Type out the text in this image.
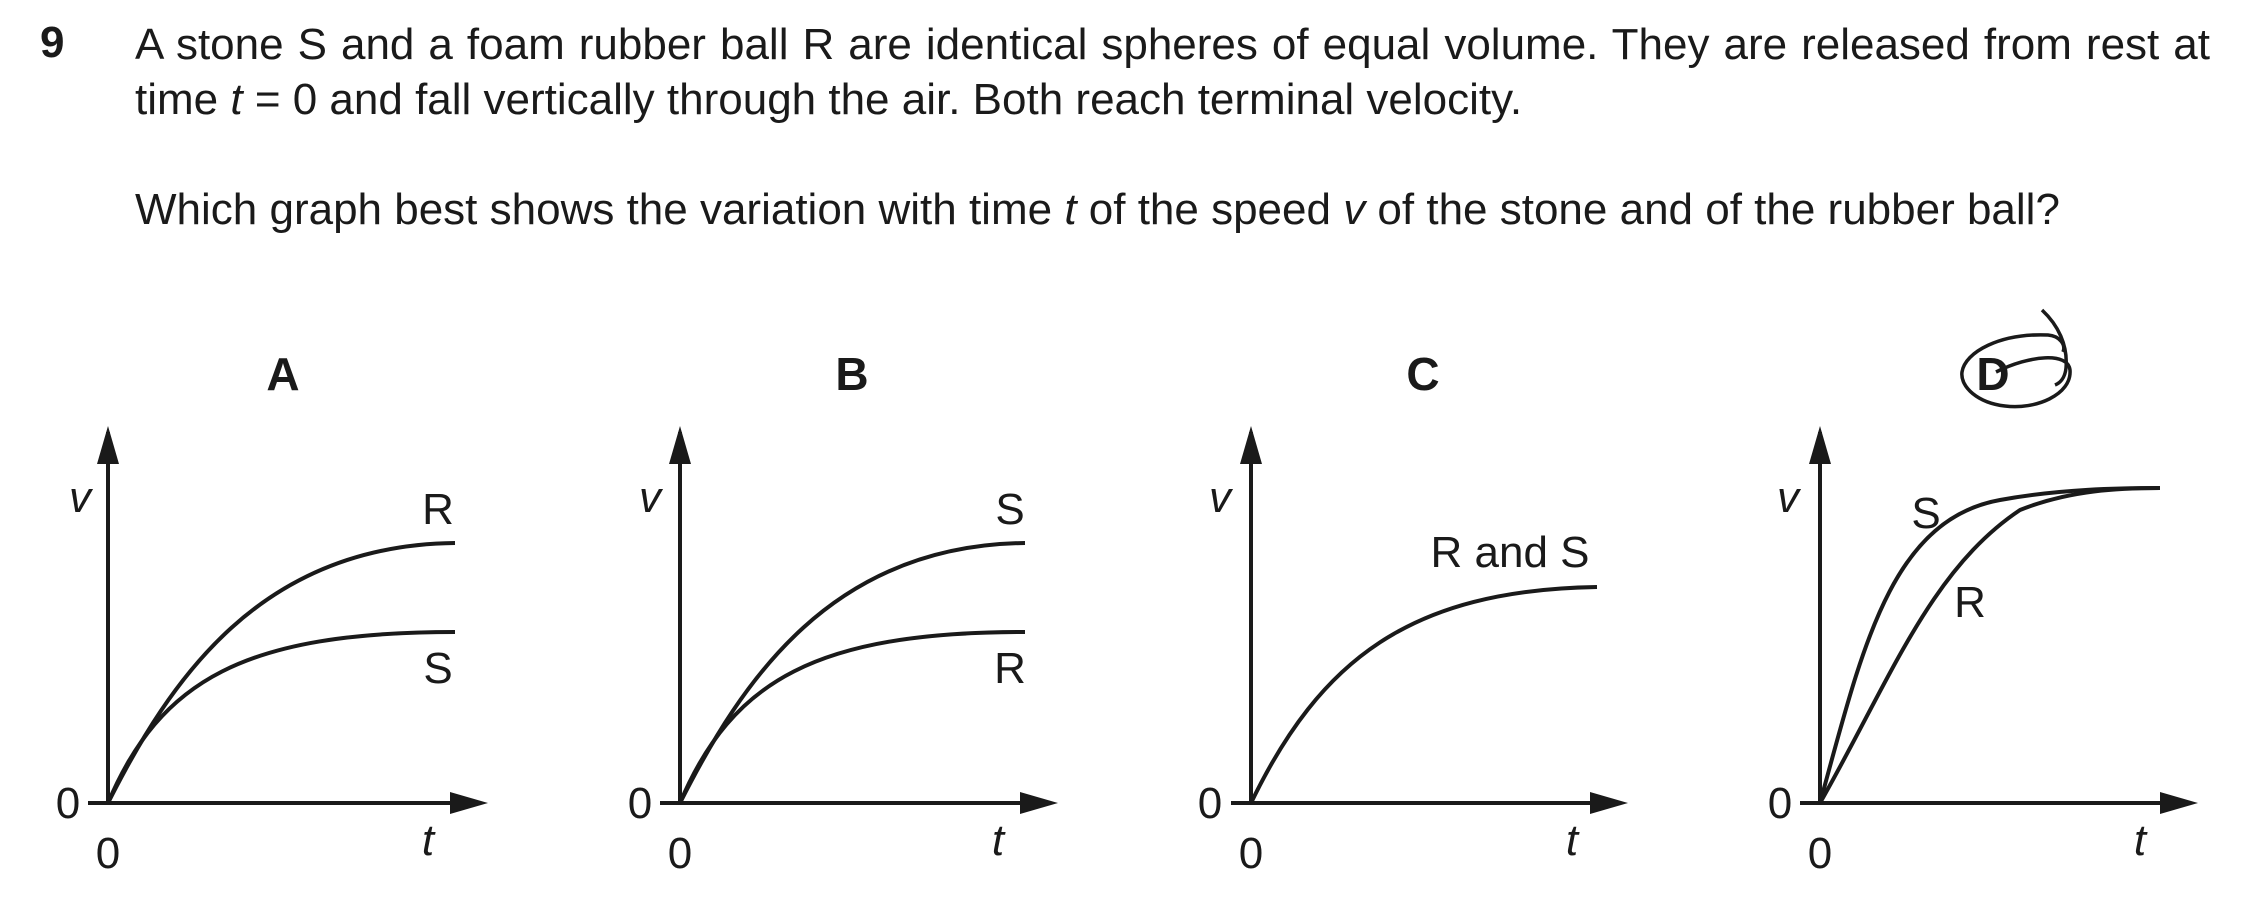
9 A stone S and a foam rubber ball R are identical spheres of equal volume. They are released from rest at time t = 0 and fall vertically through the air. Both reach terminal velocity.
Which graph best shows the variation with time t of the speed v of the stone and of the rubber ball?
A
v
t
0
0
R
S
B
v
t
0
0
S
R
C
v
t
0
0
R and S
D
v
t
0
0
S
R
